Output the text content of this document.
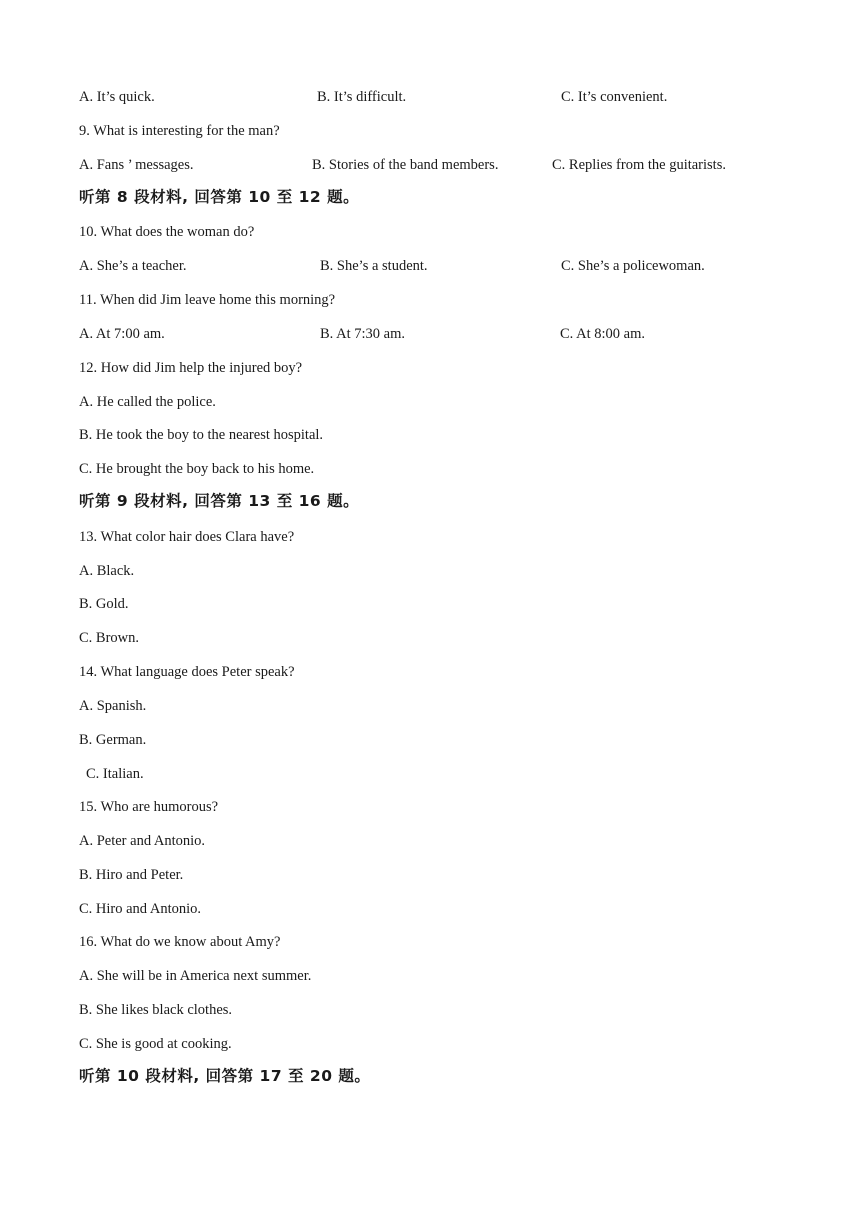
A. It’s quick.	B. It’s difficult.	C. It’s convenient.
9. What is interesting for the man?
A. Fans ’ messages.	B. Stories of the band members.	C. Replies from the guitarists.
听第 8 段材料, 回答第 10 至 12 题。
10. What does the woman do?
A. She’s a teacher.	B. She’s a student.	C. She’s a policewoman.
11. When did Jim leave home this morning?
A. At 7:00 am.	B. At 7:30 am.	C. At 8:00 am.
12. How did Jim help the injured boy?
A. He called the police.
B. He took the boy to the nearest hospital.
C. He brought the boy back to his home.
听第 9 段材料, 回答第 13 至 16 题。
13. What color hair does Clara have?
A. Black.
B. Gold.
C. Brown.
14. What language does Peter speak?
A. Spanish.
B. German.
C. Italian.
15. Who are humorous?
A. Peter and Antonio.
B. Hiro and Peter.
C. Hiro and Antonio.
16. What do we know about Amy?
A. She will be in America next summer.
B. She likes black clothes.
C. She is good at cooking.
听第 10 段材料, 回答第 17 至 20 题。
